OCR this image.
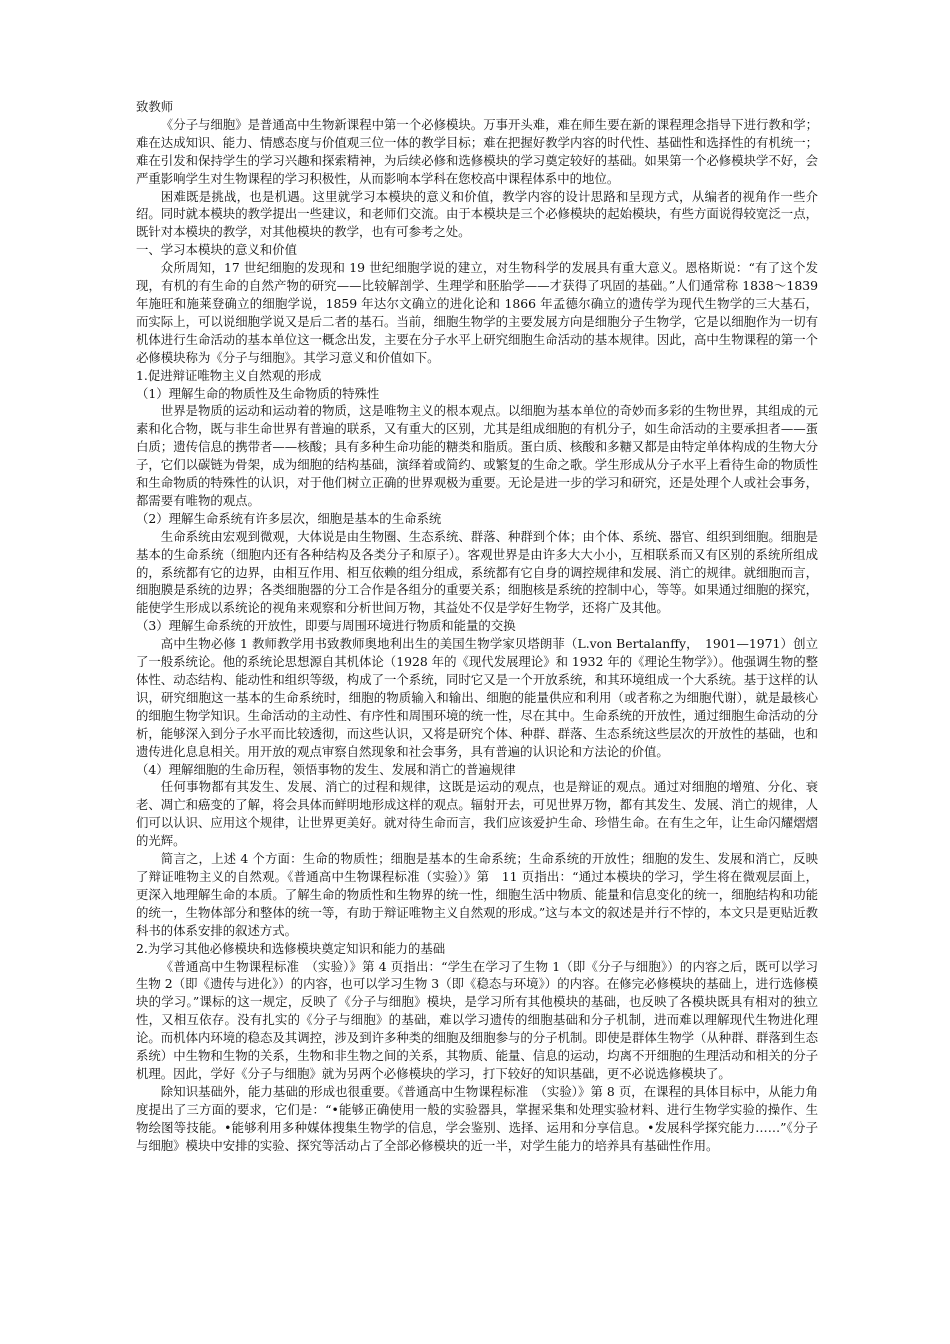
致教师

《分子与细胞》是普通高中生物新课程中第一个必修模块。万事开头难，难在师生要在新的课程理念指导下进行教和学；难在达成知识、能力、情感态度与价值观三位一体的教学目标；难在把握好教学内容的时代性、基础性和选择性的有机统一；难在引发和保持学生的学习兴趣和探索精神，为后续必修和选修模块的学习奠定较好的基础。如果第一个必修模块学不好，会严重影响学生对生物课程的学习积极性，从而影响本学科在您校高中课程体系中的地位。

困难既是挑战，也是机遇。这里就学习本模块的意义和价值，教学内容的设计思路和呈现方式，从编者的视角作一些介绍。同时就本模块的教学提出一些建议，和老师们交流。由于本模块是三个必修模块的起始模块，有些方面说得较宽泛一点，既针对本模块的教学，对其他模块的教学，也有可参考之处。

一、学习本模块的意义和价值

众所周知，17 世纪细胞的发现和 19 世纪细胞学说的建立，对生物科学的发展具有重大意义。恩格斯说：“有了这个发现，有机的有生命的自然产物的研究——比较解剖学、生理学和胚胎学——才获得了巩固的基础。”人们通常称 1838～1839 年施旺和施莱登确立的细胞学说，1859 年达尔文确立的进化论和 1866 年孟德尔确立的遗传学为现代生物学的三大基石，而实际上，可以说细胞学说又是后二者的基石。当前，细胞生物学的主要发展方向是细胞分子生物学，它是以细胞作为一切有机体进行生命活动的基本单位这一概念出发，主要在分子水平上研究细胞生命活动的基本规律。因此，高中生物课程的第一个必修模块称为《分子与细胞》。其学习意义和价值如下。

1.促进辩证唯物主义自然观的形成

（1）理解生命的物质性及生命物质的特殊性

世界是物质的运动和运动着的物质，这是唯物主义的根本观点。以细胞为基本单位的奇妙而多彩的生物世界，其组成的元素和化合物，既与非生命世界有普遍的联系，又有重大的区别，尤其是组成细胞的有机分子，如生命活动的主要承担者——蛋白质；遗传信息的携带者——核酸；具有多种生命功能的糖类和脂质。蛋白质、核酸和多糖又都是由特定单体构成的生物大分子，它们以碳链为骨架，成为细胞的结构基础，演绎着或简约、或繁复的生命之歌。学生形成从分子水平上看待生命的物质性和生命物质的特殊性的认识，对于他们树立正确的世界观极为重要。无论是进一步的学习和研究，还是处理个人或社会事务，都需要有唯物的观点。

（2）理解生命系统有许多层次，细胞是基本的生命系统

生命系统由宏观到微观，大体说是由生物圈、生态系统、群落、种群到个体；由个体、系统、器官、组织到细胞。细胞是基本的生命系统（细胞内还有各种结构及各类分子和原子）。客观世界是由许多大大小小，互相联系而又有区别的系统所组成的，系统都有它的边界，由相互作用、相互依赖的组分组成，系统都有它自身的调控规律和发展、消亡的规律。就细胞而言，细胞膜是系统的边界；各类细胞器的分工合作是各组分的重要关系；细胞核是系统的控制中心，等等。如果通过细胞的探究，能使学生形成以系统论的视角来观察和分析世间万物，其益处不仅是学好生物学，还将广及其他。

（3）理解生命系统的开放性，即要与周围环境进行物质和能量的交换

高中生物必修 1 教师教学用书致教师奥地利出生的美国生物学家贝塔朗菲（L.von Bertalanffy，　1901—1971）创立了一般系统论。他的系统论思想源自其机体论（1928 年的《现代发展理论》和 1932 年的《理论生物学》）。他强调生物的整体性、动态结构、能动性和组织等级，构成了一个系统，同时它又是一个开放系统，和其环境组成一个大系统。基于这样的认识，研究细胞这一基本的生命系统时，细胞的物质输入和输出、细胞的能量供应和利用（或者称之为细胞代谢），就是最核心的细胞生物学知识。生命活动的主动性、有序性和周围环境的统一性，尽在其中。生命系统的开放性，通过细胞生命活动的分析，能够深入到分子水平而比较透彻，而这些认识，又将是研究个体、种群、群落、生态系统这些层次的开放性的基础，也和遗传进化息息相关。用开放的观点审察自然现象和社会事务，具有普遍的认识论和方法论的价值。

（4）理解细胞的生命历程，领悟事物的发生、发展和消亡的普遍规律

任何事物都有其发生、发展、消亡的过程和规律，这既是运动的观点，也是辩证的观点。通过对细胞的增殖、分化、衰老、凋亡和癌变的了解，将会具体而鲜明地形成这样的观点。辐射开去，可见世界万物，都有其发生、发展、消亡的规律，人们可以认识、应用这个规律，让世界更美好。就对待生命而言，我们应该爱护生命、珍惜生命。在有生之年，让生命闪耀熠熠的光辉。

简言之，上述 4 个方面：生命的物质性；细胞是基本的生命系统；生命系统的开放性；细胞的发生、发展和消亡，反映了辩证唯物主义的自然观。《普通高中生物课程标准（实验）》第　11 页指出：“通过本模块的学习，学生将在微观层面上，更深入地理解生命的本质。了解生命的物质性和生物界的统一性，细胞生活中物质、能量和信息变化的统一，细胞结构和功能的统一，生物体部分和整体的统一等，有助于辩证唯物主义自然观的形成。”这与本文的叙述是并行不悖的，本文只是更贴近教科书的体系安排的叙述方式。

2.为学习其他必修模块和选修模块奠定知识和能力的基础

《普通高中生物课程标准　（实验）》第 4 页指出：“学生在学习了生物 1（即《分子与细胞》）的内容之后，既可以学习生物 2（即《遗传与进化》）的内容，也可以学习生物 3（即《稳态与环境》）的内容。在修完必修模块的基础上，进行选修模块的学习。”课标的这一规定，反映了《分子与细胞》模块，是学习所有其他模块的基础，也反映了各模块既具有相对的独立性，又相互依存。没有扎实的《分子与细胞》的基础，难以学习遗传的细胞基础和分子机制，进而难以理解现代生物进化理论。而机体内环境的稳态及其调控，涉及到许多种类的细胞及细胞参与的分子机制。即使是群体生物学（从种群、群落到生态系统）中生物和生物的关系，生物和非生物之间的关系，其物质、能量、信息的运动，均离不开细胞的生理活动和相关的分子机理。因此，学好《分子与细胞》就为另两个必修模块的学习，打下较好的知识基础，更不必说选修模块了。

除知识基础外，能力基础的形成也很重要。《普通高中生物课程标准　（实验）》第 8 页，在课程的具体目标中，从能力角度提出了三方面的要求，它们是：“•能够正确使用一般的实验器具，掌握采集和处理实验材料、进行生物学实验的操作、生物绘图等技能。•能够利用多种媒体搜集生物学的信息，学会鉴别、选择、运用和分享信息。•发展科学探究能力……”《分子与细胞》模块中安排的实验、探究等活动占了全部必修模块的近一半，对学生能力的培养具有基础性作用。
